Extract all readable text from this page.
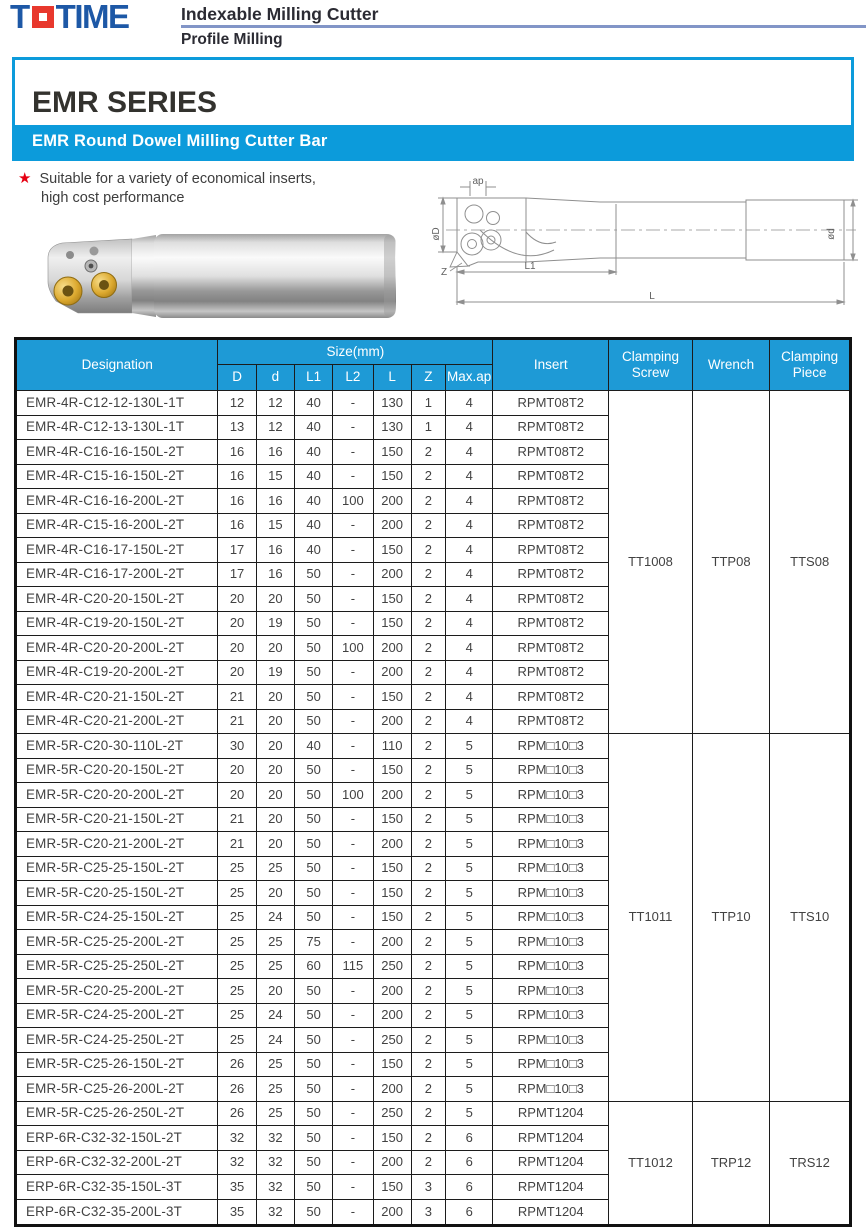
T TIME	Indexable Milling Cutter
Profile Milling
EMR SERIES
EMR Round Dowel Milling Cutter Bar
★ Suitable for a variety of economical inserts,
high cost performance
ap
øD	ød
L1
L
Z
Designation	Size(mm)							Insert	Clamping Screw	Wrench	Clamping Piece
	D	d	L1	L2	L	Z	Max.ap				
EMR-4R-C12-12-130L-1T	12	12	40	-	130	1	4	RPMT08T2	TT1008	TTP08	TTS08
EMR-4R-C12-13-130L-1T	13	12	40	-	130	1	4	RPMT08T2			
EMR-4R-C16-16-150L-2T	16	16	40	-	150	2	4	RPMT08T2			
EMR-4R-C15-16-150L-2T	16	15	40	-	150	2	4	RPMT08T2			
EMR-4R-C16-16-200L-2T	16	16	40	100	200	2	4	RPMT08T2			
EMR-4R-C15-16-200L-2T	16	15	40	-	200	2	4	RPMT08T2			
EMR-4R-C16-17-150L-2T	17	16	40	-	150	2	4	RPMT08T2			
EMR-4R-C16-17-200L-2T	17	16	50	-	200	2	4	RPMT08T2			
EMR-4R-C20-20-150L-2T	20	20	50	-	150	2	4	RPMT08T2			
EMR-4R-C19-20-150L-2T	20	19	50	-	150	2	4	RPMT08T2			
EMR-4R-C20-20-200L-2T	20	20	50	100	200	2	4	RPMT08T2			
EMR-4R-C19-20-200L-2T	20	19	50	-	200	2	4	RPMT08T2			
EMR-4R-C20-21-150L-2T	21	20	50	-	150	2	4	RPMT08T2			
EMR-4R-C20-21-200L-2T	21	20	50	-	200	2	4	RPMT08T2			
EMR-5R-C20-30-110L-2T	30	20	40	-	110	2	5	RPM□10□3	TT1011	TTP10	TTS10
EMR-5R-C20-20-150L-2T	20	20	50	-	150	2	5	RPM□10□3			
EMR-5R-C20-20-200L-2T	20	20	50	100	200	2	5	RPM□10□3			
EMR-5R-C20-21-150L-2T	21	20	50	-	150	2	5	RPM□10□3			
EMR-5R-C20-21-200L-2T	21	20	50	-	200	2	5	RPM□10□3			
EMR-5R-C25-25-150L-2T	25	25	50	-	150	2	5	RPM□10□3			
EMR-5R-C20-25-150L-2T	25	20	50	-	150	2	5	RPM□10□3			
EMR-5R-C24-25-150L-2T	25	24	50	-	150	2	5	RPM□10□3			
EMR-5R-C25-25-200L-2T	25	25	75	-	200	2	5	RPM□10□3			
EMR-5R-C25-25-250L-2T	25	25	60	115	250	2	5	RPM□10□3			
EMR-5R-C20-25-200L-2T	25	20	50	-	200	2	5	RPM□10□3			
EMR-5R-C24-25-200L-2T	25	24	50	-	200	2	5	RPM□10□3			
EMR-5R-C24-25-250L-2T	25	24	50	-	250	2	5	RPM□10□3			
EMR-5R-C25-26-150L-2T	26	25	50	-	150	2	5	RPM□10□3			
EMR-5R-C25-26-200L-2T	26	25	50	-	200	2	5	RPM□10□3			
EMR-5R-C25-26-250L-2T	26	25	50	-	250	2	5	RPMT1204	TT1012	TRP12	TRS12
ERP-6R-C32-32-150L-2T	32	32	50	-	150	2	6	RPMT1204			
ERP-6R-C32-32-200L-2T	32	32	50	-	200	2	6	RPMT1204			
ERP-6R-C32-35-150L-3T	35	32	50	-	150	3	6	RPMT1204			
ERP-6R-C32-35-200L-3T	35	32	50	-	200	3	6	RPMT1204			
